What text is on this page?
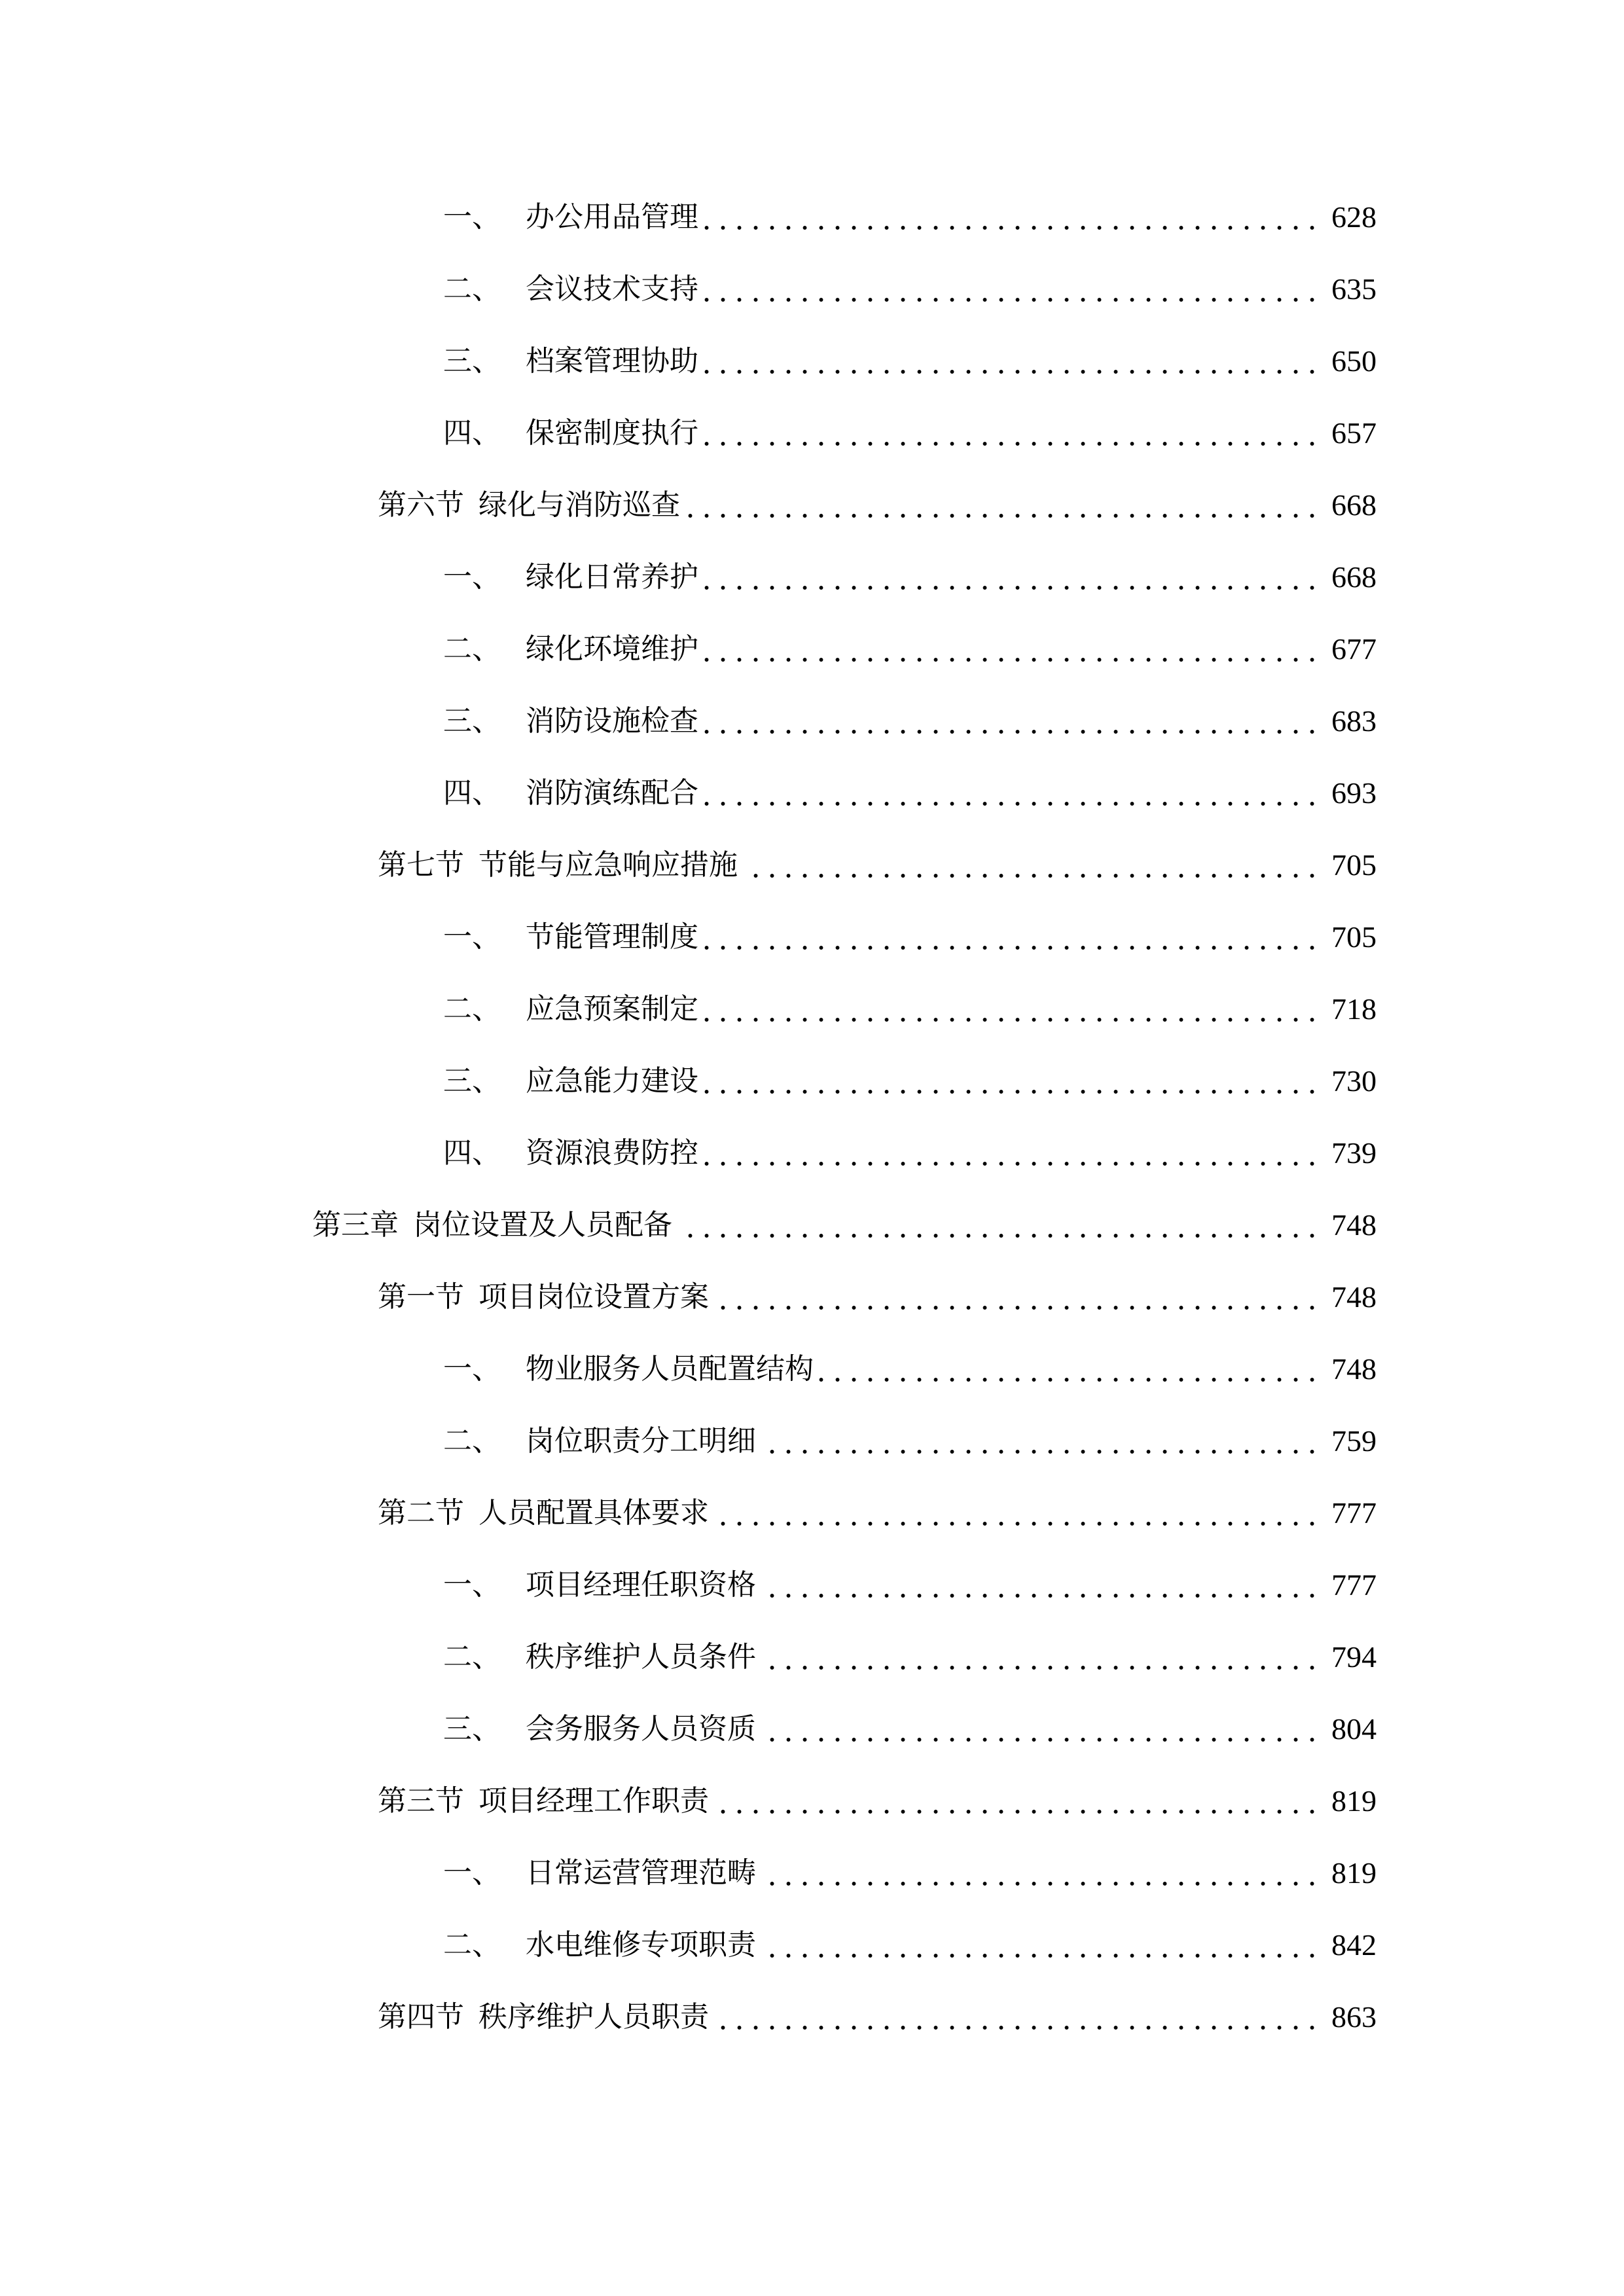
一、 办公用品管理	628
二、 会议技术支持	635
三、 档案管理协助	650
四、 保密制度执行	657
第六节 绿化与消防巡查	668
一、 绿化日常养护	668
二、 绿化环境维护	677
三、 消防设施检查	683
四、 消防演练配合	693
第七节 节能与应急响应措施	705
一、 节能管理制度	705
二、 应急预案制定	718
三、 应急能力建设	730
四、 资源浪费防控	739
第三章 岗位设置及人员配备	748
第一节 项目岗位设置方案	748
一、 物业服务人员配置结构	748
二、 岗位职责分工明细	759
第二节 人员配置具体要求	777
一、 项目经理任职资格	777
二、 秩序维护人员条件	794
三、 会务服务人员资质	804
第三节 项目经理工作职责	819
一、 日常运营管理范畴	819
二、 水电维修专项职责	842
第四节 秩序维护人员职责	863
